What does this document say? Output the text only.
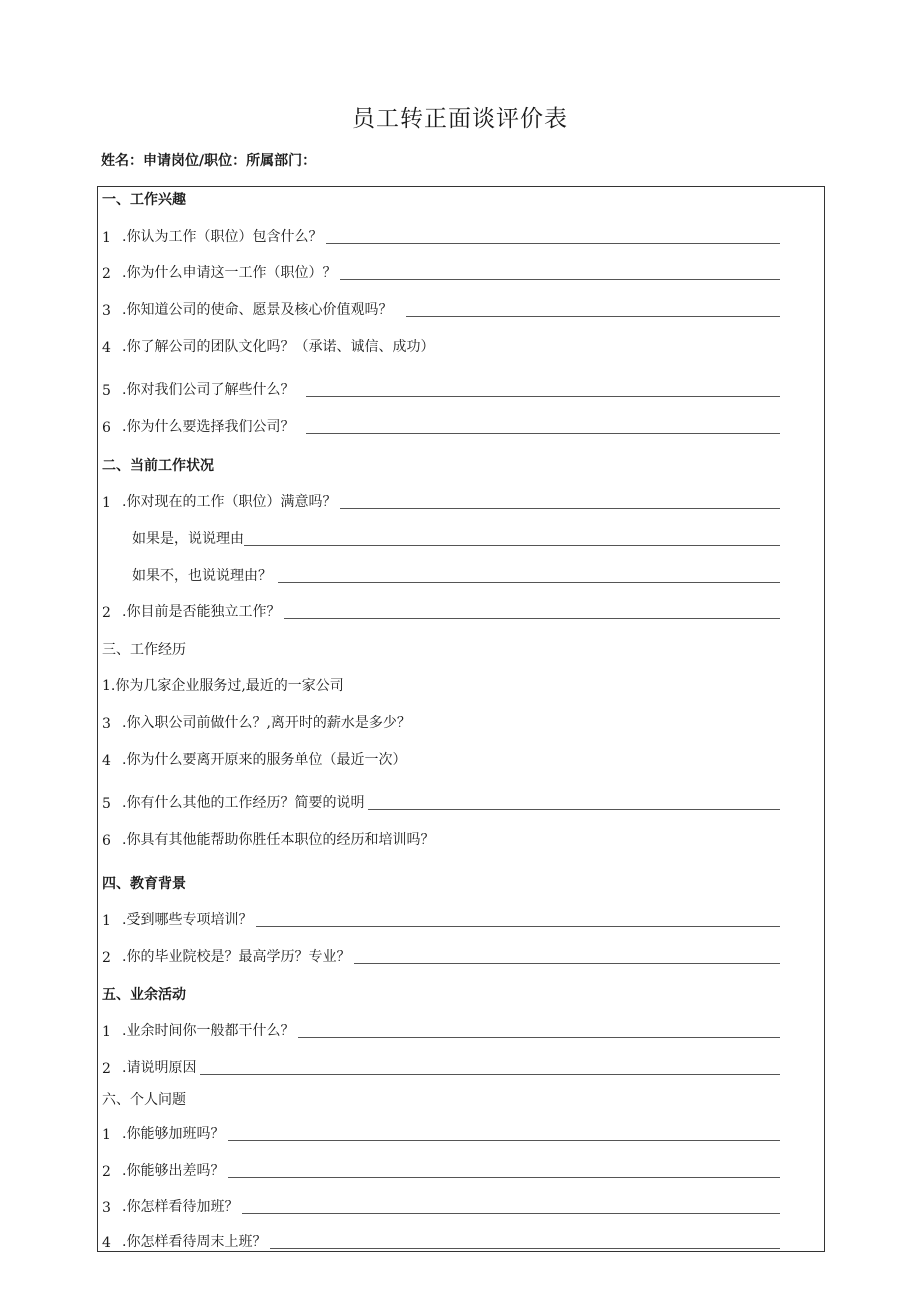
员工转正面谈评价表
姓名：申请岗位/职位：所属部门：
一、工作兴趣
1 .你认为工作（职位）包含什么？
2 .你为什么申请这一工作（职位）？
3 .你知道公司的使命、愿景及核心价值观吗？
4 .你了解公司的团队文化吗？（承诺、诚信、成功）
5 .你对我们公司了解些什么？
6 .你为什么要选择我们公司？
二、当前工作状况
1 .你对现在的工作（职位）满意吗？
如果是，说说理由
如果不，也说说理由？
2 .你目前是否能独立工作？
三、工作经历
1.你为几家企业服务过,最近的一家公司
3 .你入职公司前做什么？,离开时的薪水是多少？
4 .你为什么要离开原来的服务单位（最近一次）
5 .你有什么其他的工作经历？简要的说明
6 .你具有其他能帮助你胜任本职位的经历和培训吗？
四、教育背景
1 .受到哪些专项培训？
2 .你的毕业院校是？最高学历？专业？
五、业余活动
1 .业余时间你一般都干什么？
2 .请说明原因
六、个人问题
1 .你能够加班吗？
2 .你能够出差吗？
3 .你怎样看待加班？
4 .你怎样看待周末上班？
